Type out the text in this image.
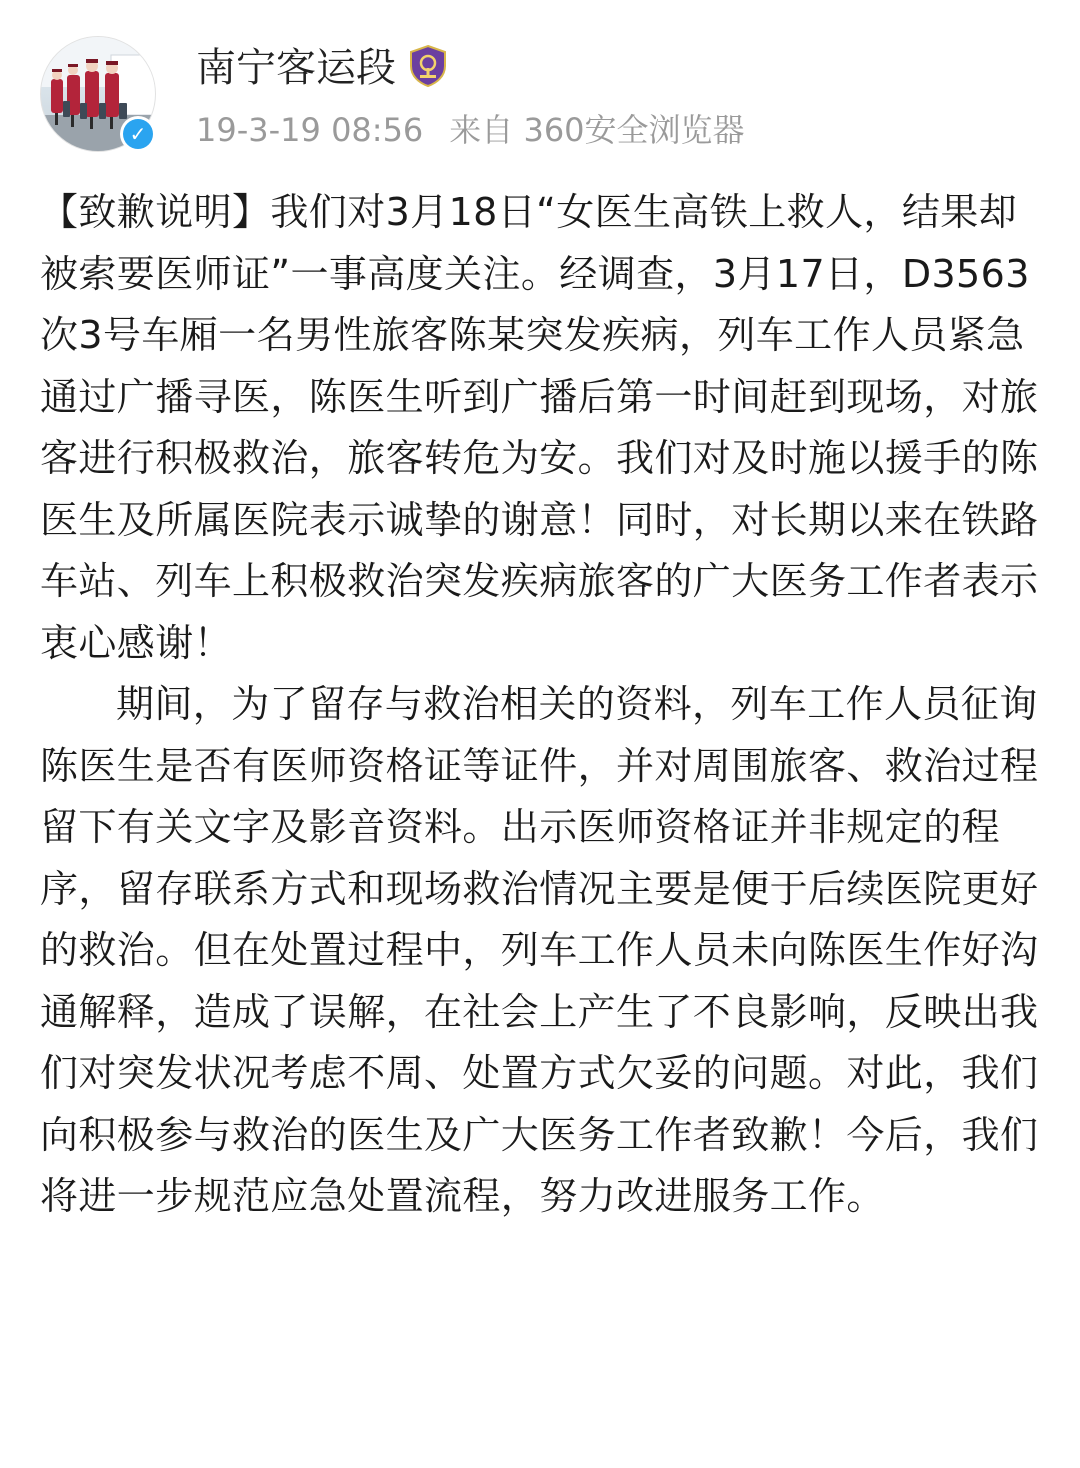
✓
南宁客运段
19-3-19 08:56 来自 360安全浏览器

【致歉说明】我们对3月18日“女医生高铁上救人，结果却被索要医师证”一事高度关注。经调查，3月17日，D3563次3号车厢一名男性旅客陈某突发疾病，列车工作人员紧急通过广播寻医，陈医生听到广播后第一时间赶到现场，对旅客进行积极救治，旅客转危为安。我们对及时施以援手的陈医生及所属医院表示诚挚的谢意！同时，对长期以来在铁路车站、列车上积极救治突发疾病旅客的广大医务工作者表示衷心感谢！

期间，为了留存与救治相关的资料，列车工作人员征询陈医生是否有医师资格证等证件，并对周围旅客、救治过程留下有关文字及影音资料。出示医师资格证并非规定的程序，留存联系方式和现场救治情况主要是便于后续医院更好的救治。但在处置过程中，列车工作人员未向陈医生作好沟通解释，造成了误解，在社会上产生了不良影响，反映出我们对突发状况考虑不周、处置方式欠妥的问题。对此，我们向积极参与救治的医生及广大医务工作者致歉！今后，我们将进一步规范应急处置流程，努力改进服务工作。
